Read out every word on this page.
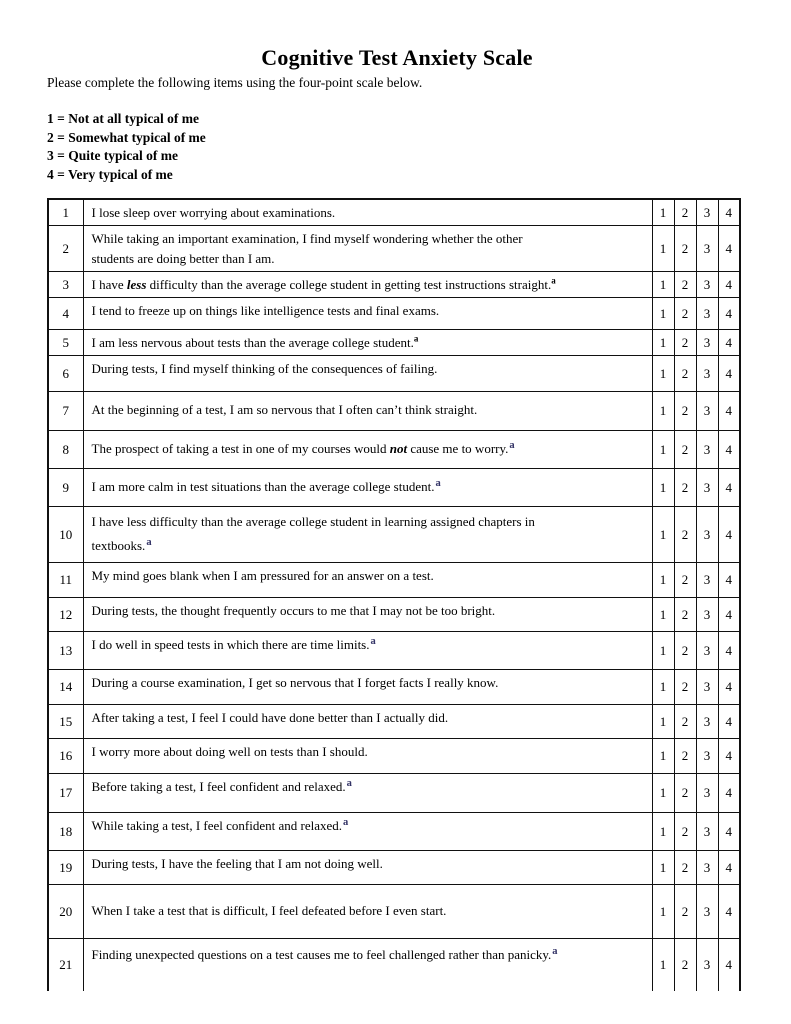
Cognitive Test Anxiety Scale

Please complete the following items using the four-point scale below.

1 = Not at all typical of me
2 = Somewhat typical of me
3 = Quite typical of me
4 = Very typical of me
1	I lose sleep over worrying about examinations.	1	2	3	4
2	While taking an important examination, I find myself wondering whether the other
students are doing better than I am.	1	2	3	4
3	I have less difficulty than the average college student in getting test instructions straight.$^a$	1	2	3	4
4	I tend to freeze up on things like intelligence tests and final exams.	1	2	3	4
5	I am less nervous about tests than the average college student.$^a$	1	2	3	4
6	During tests, I find myself thinking of the consequences of failing.	1	2	3	4
7	At the beginning of a test, I am so nervous that I often can’t think straight.	1	2	3	4
8	The prospect of taking a test in one of my courses would not cause me to worry.$^a$	1	2	3	4
9	I am more calm in test situations than the average college student.$^a$	1	2	3	4
10	I have less difficulty than the average college student in learning assigned chapters in
textbooks.$^a$	1	2	3	4
11	My mind goes blank when I am pressured for an answer on a test.	1	2	3	4
12	During tests, the thought frequently occurs to me that I may not be too bright.	1	2	3	4
13	I do well in speed tests in which there are time limits.$^a$	1	2	3	4
14	During a course examination, I get so nervous that I forget facts I really know.	1	2	3	4
15	After taking a test, I feel I could have done better than I actually did.	1	2	3	4
16	I worry more about doing well on tests than I should.	1	2	3	4
17	Before taking a test, I feel confident and relaxed.$^a$	1	2	3	4
18	While taking a test, I feel confident and relaxed.$^a$	1	2	3	4
19	During tests, I have the feeling that I am not doing well.	1	2	3	4
20	When I take a test that is difficult, I feel defeated before I even start.	1	2	3	4
21	Finding unexpected questions on a test causes me to feel challenged rather than panicky.$^a$	1	2	3	4
